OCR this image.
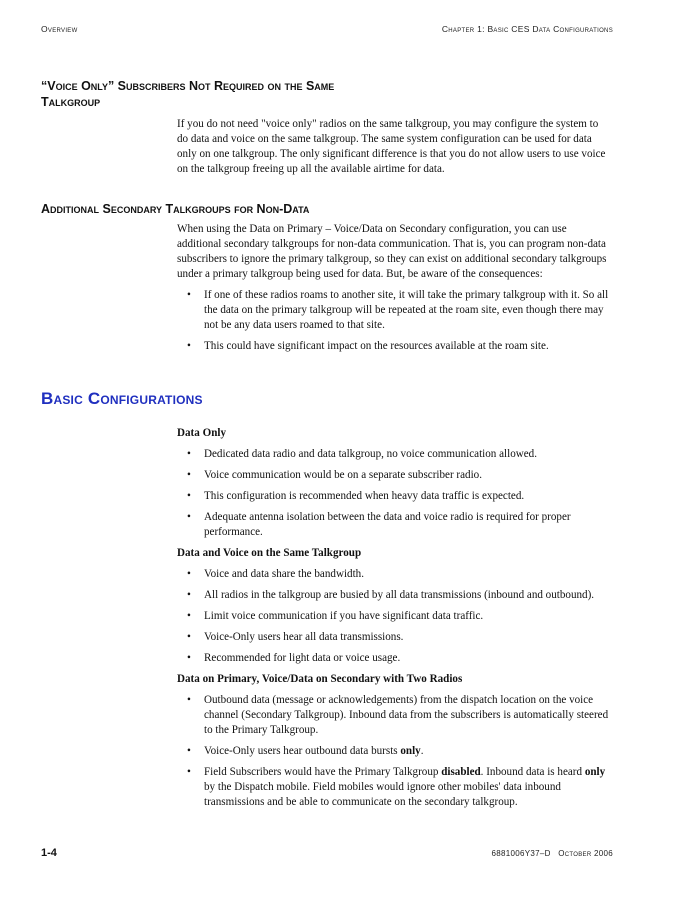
Overview	Chapter 1: Basic CES Data Configurations
“Voice Only” Subscribers Not Required on the Same
Talkgroup

If you do not need "voice only" radios on the same talkgroup, you may configure the system to do data and voice on the same talkgroup. The same system configuration can be used for data only on one talkgroup. The only significant difference is that you do not allow users to use voice on the talkgroup freeing up all the available airtime for data.

Additional Secondary Talkgroups for Non-Data

When using the Data on Primary – Voice/Data on Secondary configuration, you can use additional secondary talkgroups for non-data communication. That is, you can program non-data subscribers to ignore the primary talkgroup, so they can exist on additional secondary talkgroups under a primary talkgroup being used for data. But, be aware of the consequences:

• If one of these radios roams to another site, it will take the primary talkgroup with it. So all the data on the primary talkgroup will be repeated at the roam site, even though there may not be any data users roamed to that site.
• This could have significant impact on the resources available at the roam site.
Basic Configurations
Data Only
• Dedicated data radio and data talkgroup, no voice communication allowed.
• Voice communication would be on a separate subscriber radio.
• This configuration is recommended when heavy data traffic is expected.
• Adequate antenna isolation between the data and voice radio is required for proper performance.
Data and Voice on the Same Talkgroup
• Voice and data share the bandwidth.
• All radios in the talkgroup are busied by all data transmissions (inbound and outbound).
• Limit voice communication if you have significant data traffic.
• Voice-Only users hear all data transmissions.
• Recommended for light data or voice usage.
Data on Primary, Voice/Data on Secondary with Two Radios
• Outbound data (message or acknowledgements) from the dispatch location on the voice channel (Secondary Talkgroup). Inbound data from the subscribers is automatically steered to the Primary Talkgroup.
• Voice-Only users hear outbound data bursts only.
• Field Subscribers would have the Primary Talkgroup disabled. Inbound data is heard only by the Dispatch mobile. Field mobiles would ignore other mobiles' data inbound transmissions and be able to communicate on the secondary talkgroup.
1-4	6881006Y37–D   October 2006
